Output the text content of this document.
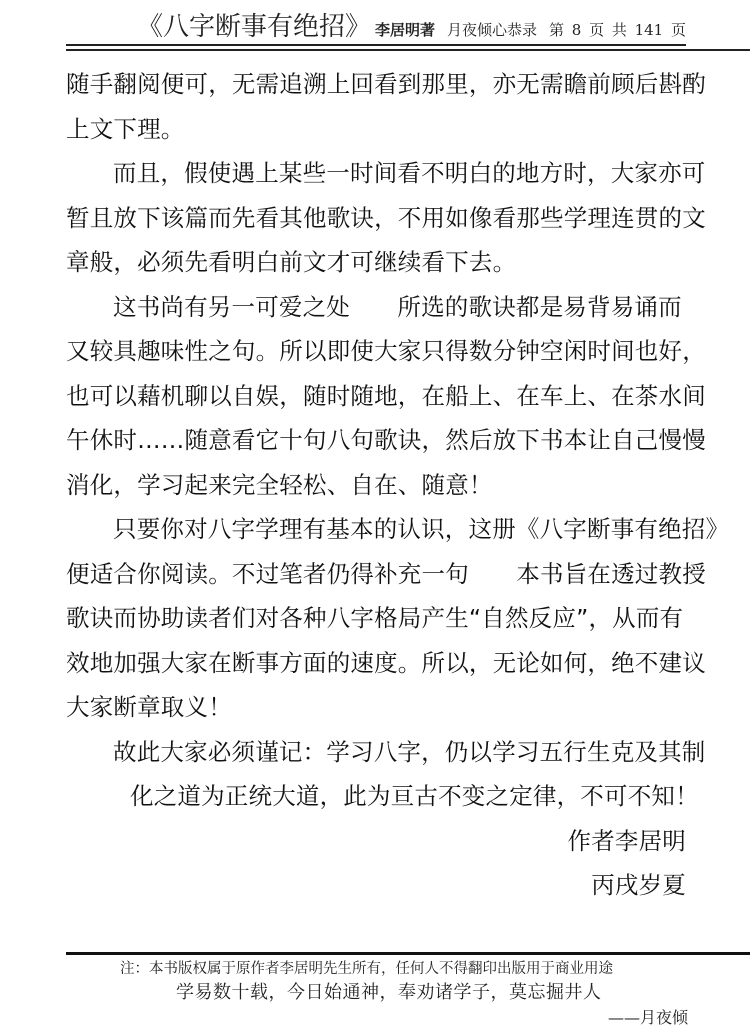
《八字断事有绝招》 李居明著 月夜倾心恭录 第 8 页 共 141 页
随手翻阅便可，无需追溯上回看到那里，亦无需瞻前顾后斟酌
上文下理。
而且，假使遇上某些一时间看不明白的地方时，大家亦可
暂且放下该篇而先看其他歌诀，不用如像看那些学理连贯的文
章般，必须先看明白前文才可继续看下去。
这书尚有另一可爱之处　　所选的歌诀都是易背易诵而
又较具趣味性之句。所以即使大家只得数分钟空闲时间也好，
也可以藉机聊以自娱，随时随地，在船上、在车上、在茶水间
午休时……随意看它十句八句歌诀，然后放下书本让自己慢慢
消化，学习起来完全轻松、自在、随意！
只要你对八字学理有基本的认识，这册《八字断事有绝招》
便适合你阅读。不过笔者仍得补充一句　　本书旨在透过教授
歌诀而协助读者们对各种八字格局产生“自然反应”，从而有
效地加强大家在断事方面的速度。所以，无论如何，绝不建议
大家断章取义！
故此大家必须谨记：学习八字，仍以学习五行生克及其制
化之道为正统大道，此为亘古不变之定律，不可不知！
作者李居明
丙戌岁夏
注：本书版权属于原作者李居明先生所有，任何人不得翻印出版用于商业用途
学易数十载，今日始通神，奉劝诸学子，莫忘掘井人
——月夜倾
